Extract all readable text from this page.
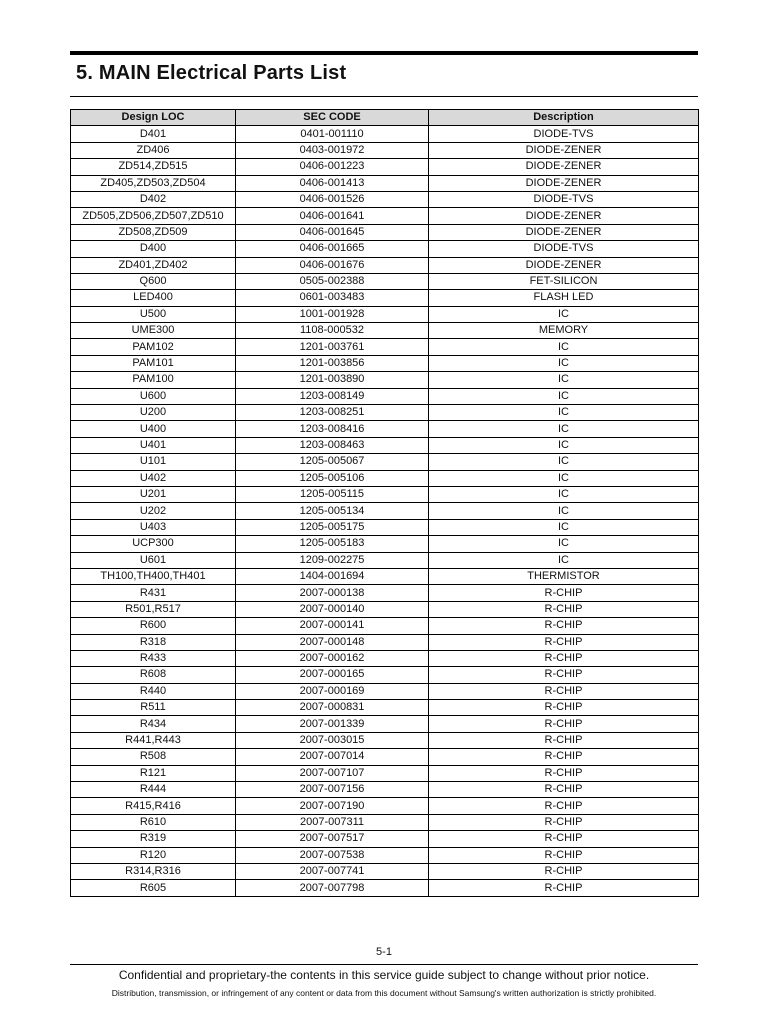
5. MAIN Electrical Parts List
Design LOC	SEC CODE	Description
D401	0401-001110	DIODE-TVS
ZD406	0403-001972	DIODE-ZENER
ZD514,ZD515	0406-001223	DIODE-ZENER
ZD405,ZD503,ZD504	0406-001413	DIODE-ZENER
D402	0406-001526	DIODE-TVS
ZD505,ZD506,ZD507,ZD510	0406-001641	DIODE-ZENER
ZD508,ZD509	0406-001645	DIODE-ZENER
D400	0406-001665	DIODE-TVS
ZD401,ZD402	0406-001676	DIODE-ZENER
Q600	0505-002388	FET-SILICON
LED400	0601-003483	FLASH LED
U500	1001-001928	IC
UME300	1108-000532	MEMORY
PAM102	1201-003761	IC
PAM101	1201-003856	IC
PAM100	1201-003890	IC
U600	1203-008149	IC
U200	1203-008251	IC
U400	1203-008416	IC
U401	1203-008463	IC
U101	1205-005067	IC
U402	1205-005106	IC
U201	1205-005115	IC
U202	1205-005134	IC
U403	1205-005175	IC
UCP300	1205-005183	IC
U601	1209-002275	IC
TH100,TH400,TH401	1404-001694	THERMISTOR
R431	2007-000138	R-CHIP
R501,R517	2007-000140	R-CHIP
R600	2007-000141	R-CHIP
R318	2007-000148	R-CHIP
R433	2007-000162	R-CHIP
R608	2007-000165	R-CHIP
R440	2007-000169	R-CHIP
R511	2007-000831	R-CHIP
R434	2007-001339	R-CHIP
R441,R443	2007-003015	R-CHIP
R508	2007-007014	R-CHIP
R121	2007-007107	R-CHIP
R444	2007-007156	R-CHIP
R415,R416	2007-007190	R-CHIP
R610	2007-007311	R-CHIP
R319	2007-007517	R-CHIP
R120	2007-007538	R-CHIP
R314,R316	2007-007741	R-CHIP
R605	2007-007798	R-CHIP
5-1
Confidential and proprietary-the contents in this service guide subject to change without prior notice.
Distribution, transmission, or infringement of any content or data from this document without Samsung's written authorization is strictly prohibited.
